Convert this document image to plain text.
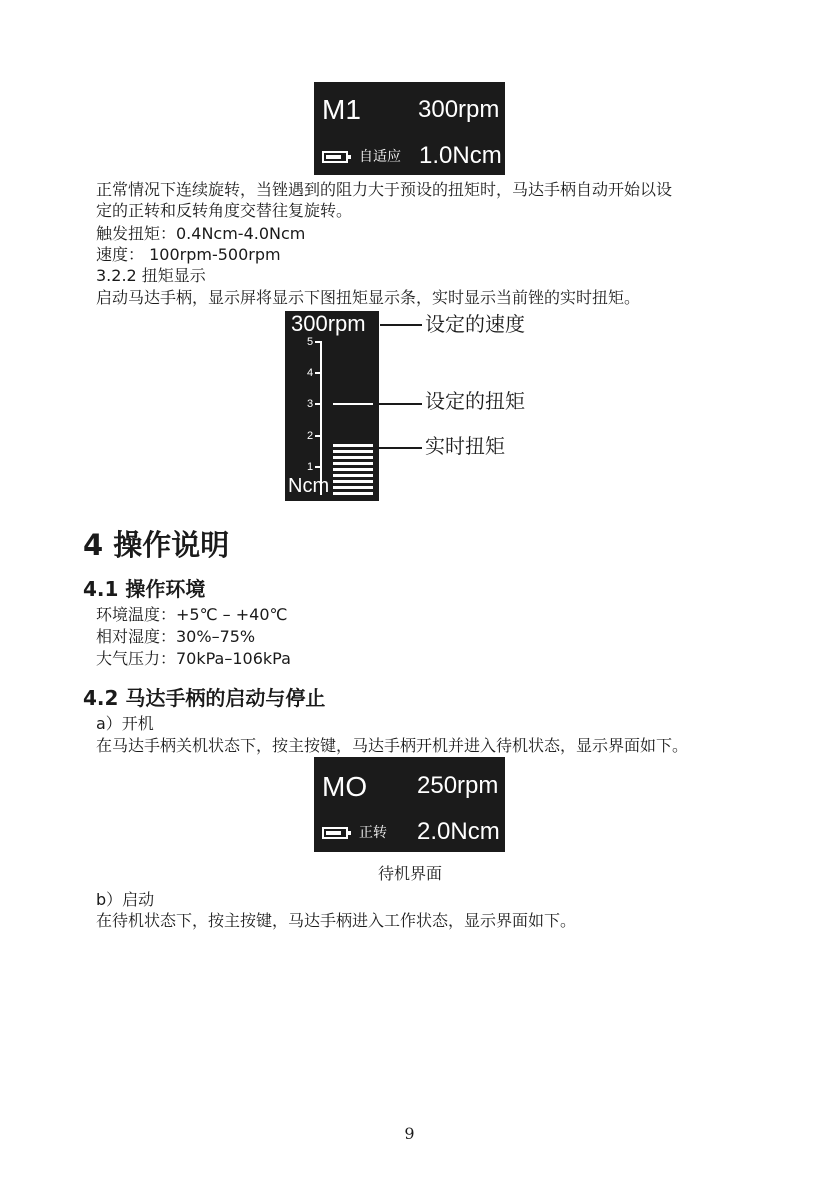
M1 300rpm
自适应 1.0Ncm
正常情况下连续旋转，当锉遇到的阻力大于预设的扭矩时，马达手柄自动开始以设
定的正转和反转角度交替往复旋转。
触发扭矩：0.4Ncm-4.0Ncm
速度： 100rpm-500rpm
3.2.2 扭矩显示
启动马达手柄，显示屏将显示下图扭矩显示条，实时显示当前锉的实时扭矩。
300rpm
1
2
3
4
5
Ncm
设定的速度
设定的扭矩
实时扭矩
4 操作说明
4.1 操作环境
环境温度：+5℃ – +40℃
相对湿度：30%–75%
大气压力：70kPa–106kPa
4.2 马达手柄的启动与停止
a）开机
在马达手柄关机状态下，按主按键，马达手柄开机并进入待机状态，显示界面如下。
MO 250rpm
正转 2.0Ncm
待机界面
b）启动
在待机状态下，按主按键，马达手柄进入工作状态，显示界面如下。
9
